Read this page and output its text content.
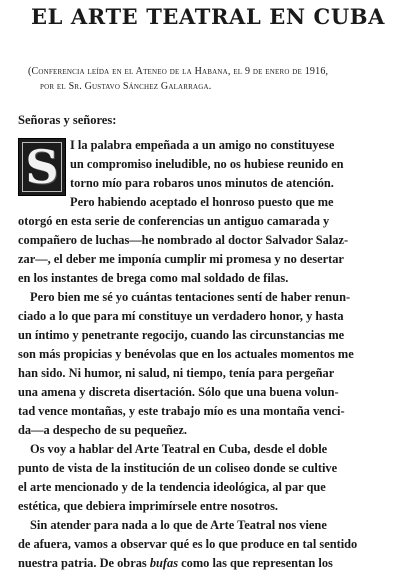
EL ARTE TEATRAL EN CUBA
(Conferencia leída en el Ateneo de la Habana, el 9 de enero de 1916,
por el Sr. Gustavo Sánchez Galarraga.
Señoras y señores:
S I la palabra empeñada a un amigo no constituyese
un compromiso ineludible, no os hubiese reunido en
torno mío para robaros unos minutos de atención.
Pero habiendo aceptado el honroso puesto que me
otorgó en esta serie de conferencias un antiguo camarada y
compañero de luchas—he nombrado al doctor Salvador Salaz-
zar—, el deber me imponía cumplir mi promesa y no desertar
en los instantes de brega como mal soldado de filas.
Pero bien me sé yo cuántas tentaciones sentí de haber renun-
ciado a lo que para mí constituye un verdadero honor, y hasta
un íntimo y penetrante regocijo, cuando las circunstancias me
son más propicias y benévolas que en los actuales momentos me
han sido. Ni humor, ni salud, ni tiempo, tenía para pergeñar
una amena y discreta disertación. Sólo que una buena volun-
tad vence montañas, y este trabajo mío es una montaña venci-
da—a despecho de su pequeñez.
Os voy a hablar del Arte Teatral en Cuba, desde el doble
punto de vista de la institución de un coliseo donde se cultive
el arte mencionado y de la tendencia ideológica, al par que
estética, que debiera imprimírsele entre nosotros.
Sin atender para nada a lo que de Arte Teatral nos viene
de afuera, vamos a observar qué es lo que produce en tal sentido
nuestra patria. De obras bufas como las que representan los
